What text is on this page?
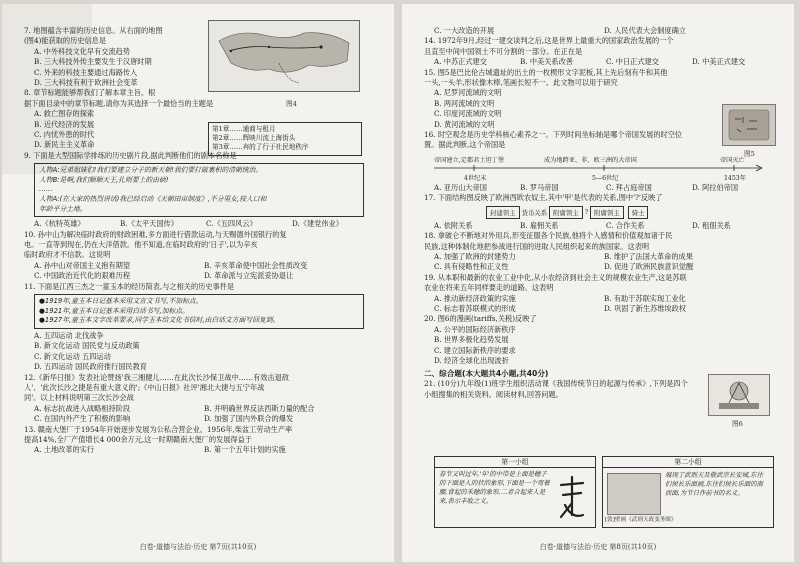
图4

第1章……通商与租月

第2章……辉映川流上海街头

第3章……奔的了行于社民地秩序

7. 地图蕴含丰富的历史信息。从右面的地图

(图4)能获取的历史信息是

A. 中外科技文化早有交流趋势

B. 三大科技外传主要发生于汉唐时期

C. 外来的科技主要通过海路传入

D. 三大科技有利于欧洲社会变革

8. 章节标题能够帮我们了解本章主旨。根

据下面目录中的章节标题,请你为其选择一个最恰当的主题是

A. 救亡图存的探索

B. 近代经济的发展

C. 内忧外患的时代

D. 新民主主义革命

9. 下面是大型国际学排练的历史剧片段,据此判断他们的剧本名称是

人物A:兄弟姐妹们!我们要建立分子的新天朝!我们要打破裹积的清朝统治。

人物B:是啊,我们顺顺天王,扎则要上的由硕!

……

人物A:(在大家的热烈讲话)我已经启动《天朝田亩制度》,不分男女,按人口和

年龄平分土地。

A.《杭特英雄》	B.《太平天国传》	C.《五四风云》	D.《建党伟业》

10. 孙中山为解决临时政府的财政困难,多方面进行借款运动,与天赐德外国银行的复

电。一直等到现在,仍在大洋借款。他不知道,在临时政府的'日子',以为辛亥

临时政府才不信款。这说明

A. 孙中山对帝国主义抱有期望	B. 辛亥革命使中国社会性质改变
C. 中国政治近代化的艰难历程	D. 革命派与立宪派妥协退让

11. 下面是江西三杰之一童玉本的经历简表,与之相关的历史事件是

●1919年,童玉本日记基本采用文言文书写,不加标点。

●1921年,童玉本日记基本采用白话书写,加标点。

●1927年,童玉本文字改革要求,同学玉本给文化书信时,由白话文方面写回复到。

A. 五四运动 北伐战争

B. 新文化运动 国民党与反动政策

C. 新文化运动 五四运动

D. 五四运动 国民政府推行国民教育

12.《新华日报》发表社论赞扬'我三湘健儿……在此次长沙保卫战中……有效击退敌

人'、'此次长沙之捷是有重大意义的';《中山日报》社评'湘北大捷与五宁年战

同'。以上材料说明第三次长沙会战

A. 标志抗战进入战略相持阶段	B. 并明确世界反法西斯力量的配合
C. 在国内外产生了积极的影响	D. 加强了国内外联合的爆发

13. 赣南大堡厂于1954年开始逐步发展为公私合营企业。1956年,柴盆工劳动生产率

提高14%,全厂产值增长4 000余万元,这一时期赣南大堡厂的发展得益于

A. 土地改革的实行	B. 第一个五年计划的实施
白卷·道德与法治·历史 第7页(共10页)
图5
图6
C. 一大改造的开展	D. 人民代表大会制度确立

14. 1972年9月,经过一建交谈判之后,这是世界上最重大的国家政治发展的一个

且直至中间中国领土不可分割的一部分。在正在是

A. 中苏正式建交	B. 中美关系改善	C. 中日正式建交	D. 中美正式建交

15. 图5是巴比伦古城遗址的出土的一枚楔形文字泥板,其上先后刻有牛和其他

一头,一头羊,形状像木棒,笔画长短不一。此文物可以用于研究

A. 尼罗河流域的文明

B. 两河流域的文明

C. 印度河流域的文明

D. 黄河流域的文明

16. 时空观念是历史学科核心素养之一。下列时间坐标轴是哪个帝国发展的时空位

置。据此判断,这个帝国是

帝国建立,定都君士坦丁堡	成为地跨亚、非、欧三洲的大帝国	帝国灭亡
4世纪末	5—6世纪	1453年
A. 亚历山大帝国	B. 罗马帝国	C. 拜占庭帝国	D. 阿拉伯帝国

17. 下面结构图反映了欧洲西欧农奴主,其中'甲'是代表的关系,图中'?'反映了

封建领主 货币关系 附庸领主 ? 附庸领主	骑士
A. 依附关系	B. 雇佣关系	C. 合作关系	D. 租佃关系

18. 拿破仑不断地对外用兵,形变征服各个民族,他将个人感情和价值观加诸于民

民族,这种体制化地把参战进行国的进取人民组织起来的族国家。这表明

A. 加强了欧洲的封建势力	B. 维护了法国大革命的成果
C. 具有侵略性和正义性	D. 促进了欧洲民族意识觉醒

19. 从本职和最新的农业工业中化,从小农经济到社会主义的规模农业生产,这是苏联

农业在将来五年同样要走的道路。这表明

A. 推动新经济政策的实施	B. 有助于苏联实现工业化
C. 标志着苏联模式的形成	D. 巩固了新生苏维埃政权

20. 图6的漫画(tariffs,关税)反映了

A. 公平的国际经济新秩序

B. 世界多极化趋势发展

C. 建立国际新秩序的要求

D. 经济全球化出现波折

二、综合题(本大题共4小题,共40分)

21. (10分)九年级(1)班学生组织活动课《我国传统节日的起源与传承》,下列是四个

小组搜集的相关资料。阅读材料,回答问题。

第一小组

春节又叫过年,'年'的中带是上面是穗子的下面是人的状的象形,下面是一个弯着腰,背起的禾穗的象形,二者合起来人是来,表示丰收之义。

第二小组

展现了武则天及敬武宗长安城,东往们侯长乐面画,东往们侯长乐面的南而面,为节日作前书的名义。

[敦]壁画《武则天政变务图》
白卷·道德与法治·历史 第8页(共10页)
